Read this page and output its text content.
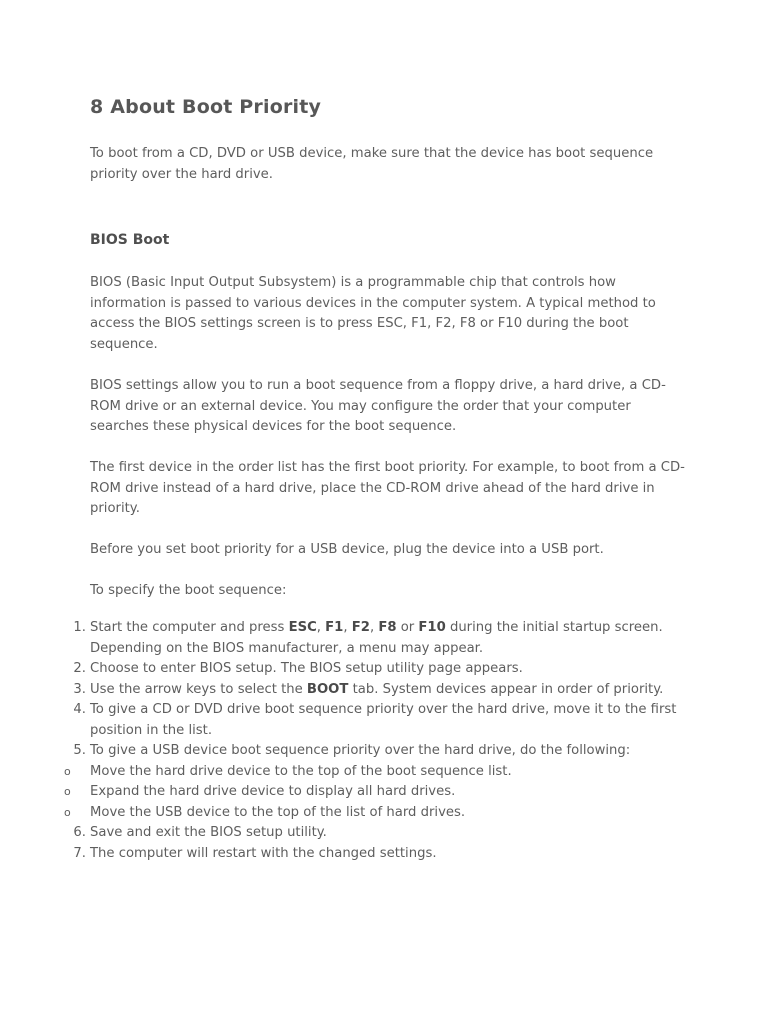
8 About Boot Priority

To boot from a CD, DVD or USB device, make sure that the device has boot sequence priority over the hard drive.

BIOS Boot

BIOS (Basic Input Output Subsystem) is a programmable chip that controls how information is passed to various devices in the computer system. A typical method to access the BIOS settings screen is to press ESC, F1, F2, F8 or F10 during the boot sequence.

BIOS settings allow you to run a boot sequence from a floppy drive, a hard drive, a CD-ROM drive or an external device. You may configure the order that your computer searches these physical devices for the boot sequence.

The first device in the order list has the first boot priority. For example, to boot from a CD-ROM drive instead of a hard drive, place the CD-ROM drive ahead of the hard drive in priority.

Before you set boot priority for a USB device, plug the device into a USB port.

To specify the boot sequence:

1. Start the computer and press ESC, F1, F2, F8 or F10 during the initial startup screen. Depending on the BIOS manufacturer, a menu may appear.
2. Choose to enter BIOS setup. The BIOS setup utility page appears.
3. Use the arrow keys to select the BOOT tab. System devices appear in order of priority.
4. To give a CD or DVD drive boot sequence priority over the hard drive, move it to the first position in the list.
5. To give a USB device boot sequence priority over the hard drive, do the following:
o	Move the hard drive device to the top of the boot sequence list.
o	Expand the hard drive device to display all hard drives.
o	Move the USB device to the top of the list of hard drives.
6. Save and exit the BIOS setup utility.
7. The computer will restart with the changed settings.
